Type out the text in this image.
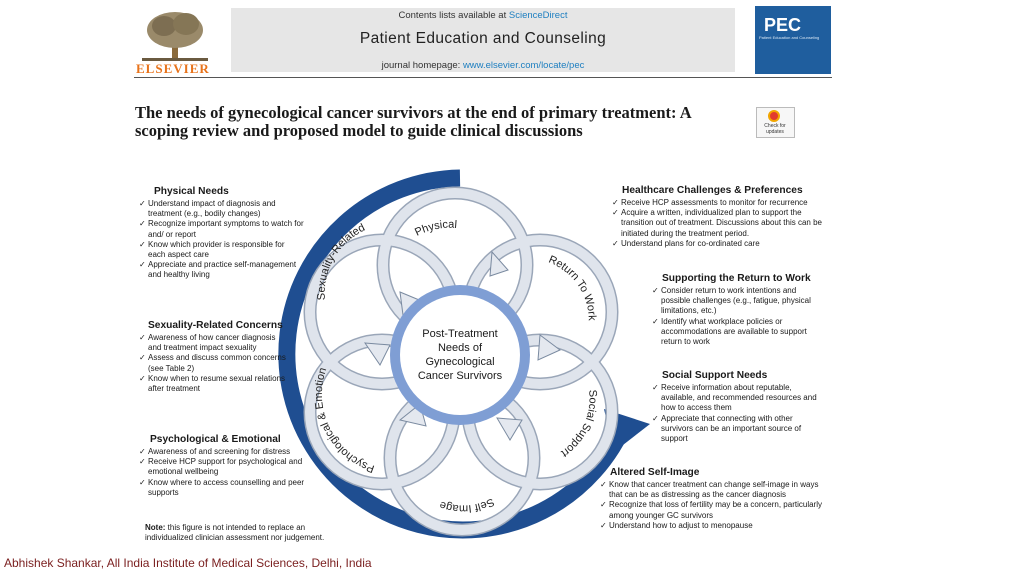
ELSEVIER
Contents lists available at ScienceDirect
Patient Education and Counseling
journal homepage: www.elsevier.com/locate/pec
PEC
Patient Education and Counseling
The needs of gynecological cancer survivors at the end of primary treatment: A scoping review and proposed model to guide clinical discussions	Check for updates
Healthcare Preferences
Post-Treatment
Needs of
Gynecological
Cancer Survivors
Physical
Return To Work
Social Support
Self Image
Psychological & Emotion
Sexuality-Related
Physical Needs
✓ Understand impact of diagnosis and treatment (e.g., bodily changes)
✓ Recognize important symptoms to watch for and/ or report
✓ Know which provider is responsible for each aspect care
✓ Appreciate and practice self-management and healthy living
Sexuality-Related Concerns
✓ Awareness of how cancer diagnosis and treatment impact sexuality
✓ Assess and discuss common concerns (see Table 2)
✓ Know when to resume sexual relations after treatment
Psychological & Emotional
✓ Awareness of and screening for distress
✓ Receive HCP support for psychological and emotional wellbeing
✓ Know where to access counselling and peer supports
Note: this figure is not intended to replace an individualized clinician assessment nor judgement.
Healthcare Challenges & Preferences
✓ Receive HCP assessments to monitor for recurrence
✓ Acquire a written, individualized plan to support the transition out of treatment. Discussions about this can be initiated during the treatment period.
✓ Understand plans for co-ordinated care
Supporting the Return to Work
✓ Consider return to work intentions and possible challenges (e.g., fatigue, physical limitations, etc.)
✓ Identify what workplace policies or accommodations are available to support return to work
Social Support Needs
✓ Receive information about reputable, available, and recommended resources and how to access them
✓ Appreciate that connecting with other survivors can be an important source of support
Altered Self-Image
✓ Know that cancer treatment can change self-image in ways that can be as distressing as the cancer diagnosis
✓ Recognize that loss of fertility may be a concern, particularly among younger GC survivors
✓ Understand how to adjust to menopause
Abhishek Shankar, All India Institute of Medical Sciences, Delhi, India
